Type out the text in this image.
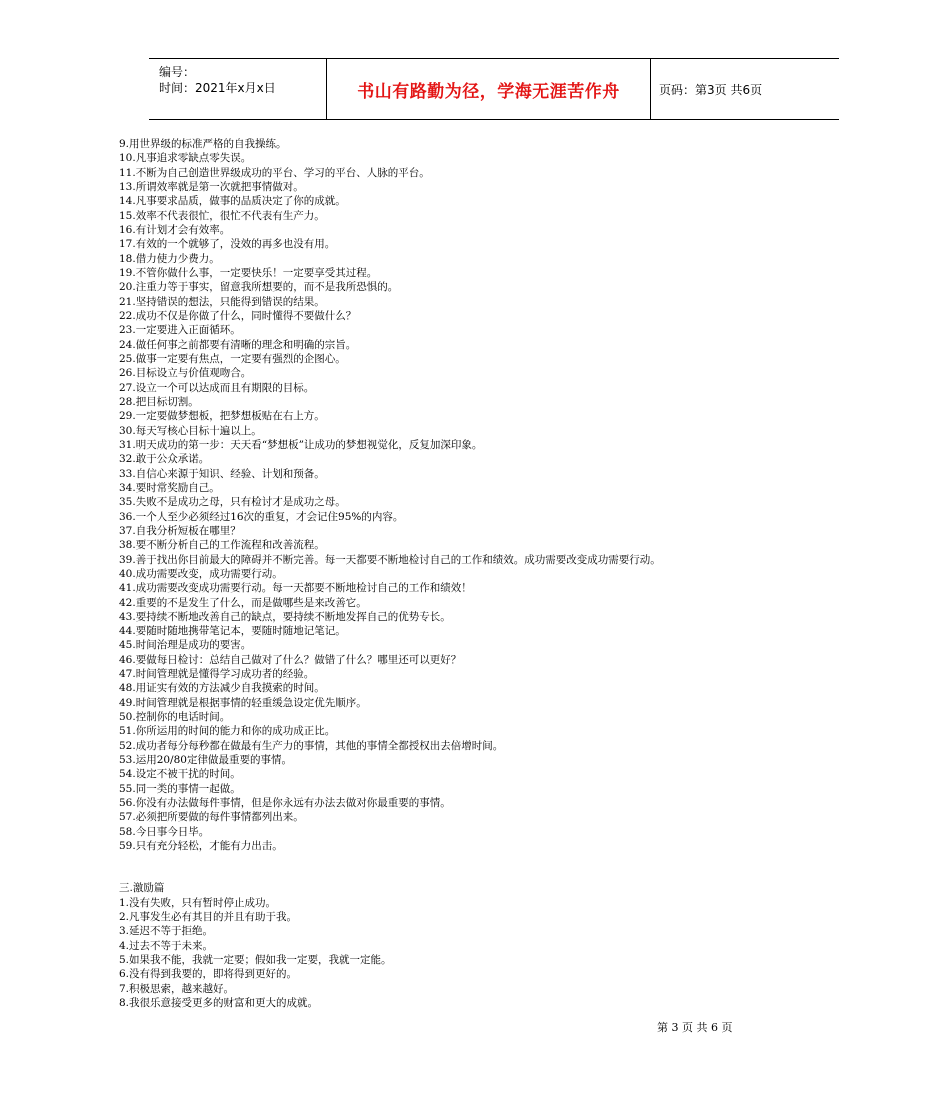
编号：
时间：2021年x月x日	书山有路勤为径，学海无涯苦作舟	页码：第3页 共6页
9.用世界级的标准严格的自我操练。
10.凡事追求零缺点零失误。
11.不断为自己创造世界级成功的平台、学习的平台、人脉的平台。
13.所谓效率就是第一次就把事情做对。
14.凡事要求品质，做事的品质决定了你的成就。
15.效率不代表很忙，很忙不代表有生产力。
16.有计划才会有效率。
17.有效的一个就够了，没效的再多也没有用。
18.借力使力少费力。
19.不管你做什么事，一定要快乐！一定要享受其过程。
20.注重力等于事实，留意我所想要的，而不是我所恐惧的。
21.坚持错误的想法，只能得到错误的结果。
22.成功不仅是你做了什么，同时懂得不要做什么？
23.一定要进入正面循环。
24.做任何事之前都要有清晰的理念和明确的宗旨。
25.做事一定要有焦点，一定要有强烈的企图心。
26.目标设立与价值观吻合。
27.设立一个可以达成而且有期限的目标。
28.把目标切割。
29.一定要做梦想板，把梦想板贴在右上方。
30.每天写核心目标十遍以上。
31.明天成功的第一步：天天看“梦想板”让成功的梦想视觉化，反复加深印象。
32.敢于公众承诺。
33.自信心来源于知识、经验、计划和预备。
34.要时常奖励自己。
35.失败不是成功之母，只有检讨才是成功之母。
36.一个人至少必须经过16次的重复，才会记住95%的内容。
37.自我分析短板在哪里？
38.要不断分析自己的工作流程和改善流程。
39.善于找出你目前最大的障碍并不断完善。每一天都要不断地检讨自己的工作和绩效。成功需要改变成功需要行动。
40.成功需要改变，成功需要行动。
41.成功需要改变成功需要行动。每一天都要不断地检讨自己的工作和绩效！
42.重要的不是发生了什么，而是做哪些是来改善它。
43.要持续不断地改善自己的缺点，要持续不断地发挥自己的优势专长。
44.要随时随地携带笔记本，要随时随地记笔记。
45.时间治理是成功的要害。
46.要做每日检讨：总结自己做对了什么？做错了什么？哪里还可以更好？
47.时间管理就是懂得学习成功者的经验。
48.用证实有效的方法减少自我摸索的时间。
49.时间管理就是根据事情的轻重缓急设定优先顺序。
50.控制你的电话时间。
51.你所运用的时间的能力和你的成功成正比。
52.成功者每分每秒都在做最有生产力的事情，其他的事情全都授权出去倍增时间。
53.运用20/80定律做最重要的事情。
54.设定不被干扰的时间。
55.同一类的事情一起做。
56.你没有办法做每件事情，但是你永远有办法去做对你最重要的事情。
57.必须把所要做的每件事情都列出来。
58.今日事今日毕。
59.只有充分轻松，才能有力出击。
三.激励篇
1.没有失败，只有暂时停止成功。
2.凡事发生必有其目的并且有助于我。
3.延迟不等于拒绝。
4.过去不等于未来。
5.如果我不能，我就一定要；假如我一定要，我就一定能。
6.没有得到我要的，即将得到更好的。
7.积极思索，越来越好。
8.我很乐意接受更多的财富和更大的成就。
第 3 页 共 6 页
